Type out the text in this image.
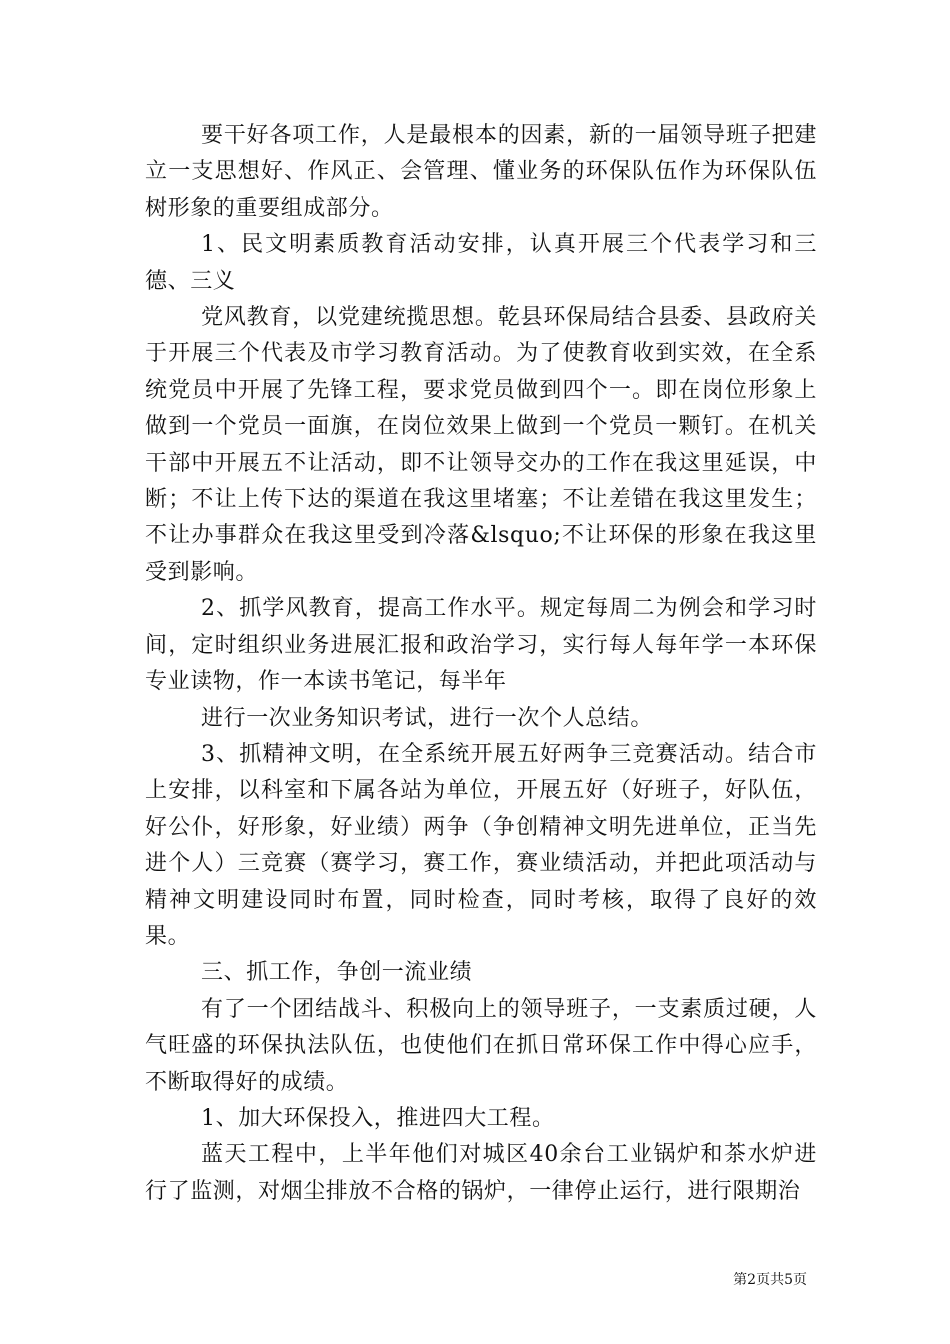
要干好各项工作，人是最根本的因素，新的一届领导班子把建立一支思想好、作风正、会管理、懂业务的环保队伍作为环保队伍树形象的重要组成部分。

1、民文明素质教育活动安排，认真开展三个代表学习和三德、三义

党风教育，以党建统揽思想。乾县环保局结合县委、县政府关于开展三个代表及市学习教育活动。为了使教育收到实效，在全系统党员中开展了先锋工程，要求党员做到四个一。即在岗位形象上做到一个党员一面旗，在岗位效果上做到一个党员一颗钉。在机关干部中开展五不让活动，即不让领导交办的工作在我这里延误，中断；不让上传下达的渠道在我这里堵塞；不让差错在我这里发生；不让办事群众在我这里受到冷落&lsquo;不让环保的形象在我这里受到影响。

2、抓学风教育，提高工作水平。规定每周二为例会和学习时间，定时组织业务进展汇报和政治学习，实行每人每年学一本环保专业读物，作一本读书笔记，每半年

进行一次业务知识考试，进行一次个人总结。

3、抓精神文明，在全系统开展五好两争三竞赛活动。结合市上安排，以科室和下属各站为单位，开展五好（好班子，好队伍，好公仆，好形象，好业绩）两争（争创精神文明先进单位，正当先进个人）三竞赛（赛学习，赛工作，赛业绩活动，并把此项活动与精神文明建设同时布置，同时检查，同时考核，取得了良好的效果。

三、抓工作，争创一流业绩

有了一个团结战斗、积极向上的领导班子，一支素质过硬，人气旺盛的环保执法队伍，也使他们在抓日常环保工作中得心应手，不断取得好的成绩。

1、加大环保投入，推进四大工程。

蓝天工程中，上半年他们对城区40余台工业锅炉和茶水炉进行了监测，对烟尘排放不合格的锅炉，一律停止运行，进行限期治

第2页共5页
